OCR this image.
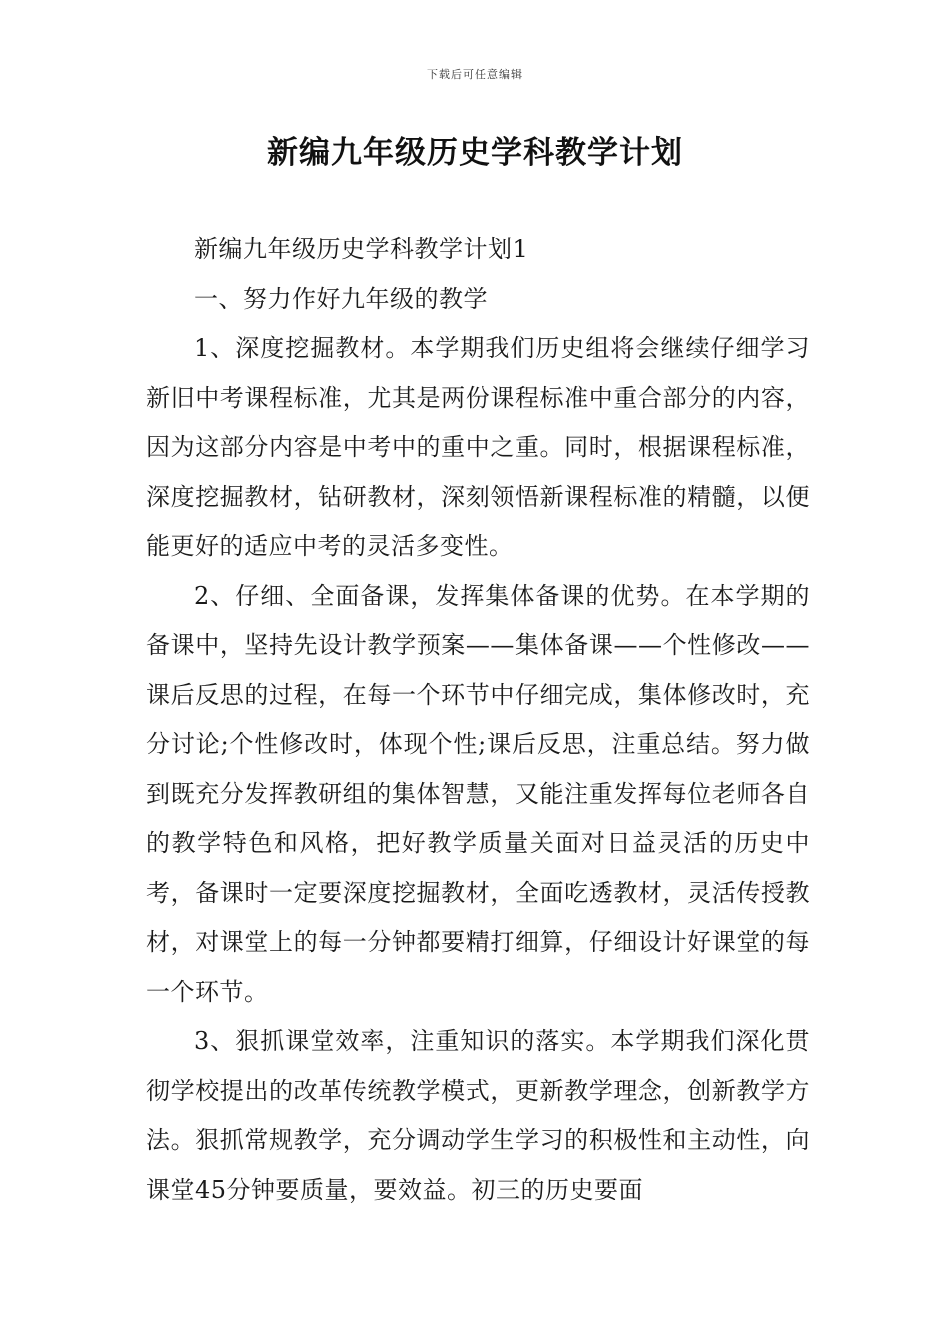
下载后可任意编辑
新编九年级历史学科教学计划

新编九年级历史学科教学计划1

一、努力作好九年级的教学

1、深度挖掘教材。本学期我们历史组将会继续仔细学习新旧中考课程标准，尤其是两份课程标准中重合部分的内容，因为这部分内容是中考中的重中之重。同时，根据课程标准，深度挖掘教材，钻研教材，深刻领悟新课程标准的精髓，以便能更好的适应中考的灵活多变性。

2、仔细、全面备课，发挥集体备课的优势。在本学期的备课中，坚持先设计教学预案——集体备课——个性修改——课后反思的过程，在每一个环节中仔细完成，集体修改时，充分讨论;个性修改时，体现个性;课后反思，注重总结。努力做到既充分发挥教研组的集体智慧，又能注重发挥每位老师各自的教学特色和风格，把好教学质量关面对日益灵活的历史中考，备课时一定要深度挖掘教材，全面吃透教材，灵活传授教材，对课堂上的每一分钟都要精打细算，仔细设计好课堂的每一个环节。

3、狠抓课堂效率，注重知识的落实。本学期我们深化贯彻学校提出的改革传统教学模式，更新教学理念，创新教学方法。狠抓常规教学，充分调动学生学习的积极性和主动性，向课堂45分钟要质量，要效益。初三的历史要面
